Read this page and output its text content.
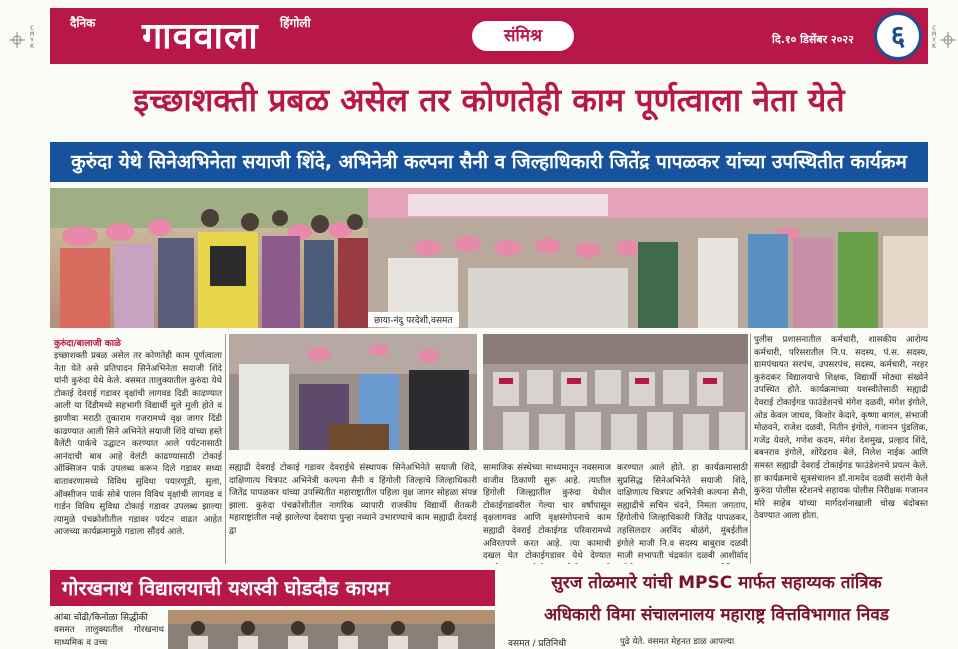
C M Y K
C M Y K
दैनिक गाववाला हिंगोली
संमिश्र	दि.१० डिसेंबर २०२२	६
इच्छाशक्ती प्रबळ असेल तर कोणतेही काम पूर्णत्वाला नेता येते
कुरुंदा येथे सिनेअभिनेता सयाजी शिंदे, अभिनेत्री कल्पना सैनी व जिल्हाधिकारी जितेंद्र पापळकर यांच्या उपस्थितीत कार्यक्रम
छाया-नंदु परदेशी,वसमत
कुरुंदा/बालाजी काळे
इच्छाशक्ती प्रबळ असेल तर कोणतेही काम पूर्णत्वाला नेता येते असे प्रतिपादन सिनेअभिनेता सयाजी शिंदे यांनी कुरुंदा येथे केले. वसमत तालुक्यातील कुरुंदा येथे टोकाई देवराई गडावर वृक्षांची लागवड दिडी काढण्यात आली या दिंडीमध्ये सहभागी विद्यार्थी मुले मुली होते व झाणीवा मराठी तुकाराम गजरामध्ये वृक्ष जागर दिंडी काढण्यात आली सिने अभिनेते सयाजी शिंदे यांच्या हस्ते वैलेंटी पार्कचे उद्घाटन करण्यात आले पर्यटनासाठी आनंदाची बाब आहे वेलंटी काढण्यासाठी टोकाई ऑक्सिजन पार्क उपलब्ध करून दिले गडावर सध्या वातावरणामध्ये विविध सुविधा पयारणूडी, सुला, ऑक्सीजन पार्क सोबे पालन विविध वृक्षांची लागवड व गार्डन विविध सुविधा टोकाई गडावर उपलब्ध झाल्या त्यामुळे पंचक्रोशीतील गडावर पर्यटन वाढत आहेत आजच्या कार्यक्रमामुळे गडाला सौंदर्य आले.
सह्याद्री देवराई टोकाई गडावर देवराईचे संस्थापक सिनेअभिनेते सयाजी शिंदे, दाक्षिणात्य चित्रपट अभिनेत्री कल्पना सैनी व हिंगोली जिल्हाचे जिल्हाधिकारी जितेंद्र पापळकर यांच्या उपस्थितीत महाराष्ट्रातील पहिला वृक्ष जागर सोहळा संपन्न झाला. कुरुंदा पंचक्रोशीतील नागरिक व्यापारी राजकीय विद्यार्थी शैतकरी महाराष्ट्रातील नव्हे झालेल्या देवराया पुन्हा नव्याने उभारण्याचे काम सह्याद्री देवराई द्वा
सामाजिक संस्थेच्या माध्यमातून नवसमाज वाजीव ठिकाणी सुरू आहे. त्यातील हिंगोली जिल्ह्यातील कुरुंदा येथील टोकाईगडावरील गेल्या चार वर्षांपासून वृक्षलागवड आणि वृक्षसंगोपनाचे काम सह्याद्री देवराई टोकाईगड परिवारामध्ये अविरतपणे करत आहे. त्या कामाची दखल घेत टोकाईगडावर येथे देण्यात
करण्यात आले होते. हा कार्यक्रमासाठी सुप्रसिद्ध सिनेअभिनेते सयाजी शिंदे, दाक्षिणात्य चित्रपट अभिनेत्री कल्पना सैनी, सह्याद्रीचे सचिन चंदने, निमता जगताप, हिंगोलीचे जिल्हाधिकारी जितेंद्र पापळकर, तहसिलदार अरविंद बोळंगे, मुंबईतील इंगोले माजी नि.व सदस्य बाबुराव दळवी माजी सभापती चंद्रकांत दळवी आशीर्वाद
पुलीस प्रशासनातील कर्मचारी, शासकीय आरोग्य कर्मचारी, परिसरातील नि.प. सदस्य, पं.स. सदस्य, ग्रामपंचायत सरपंच, उपसरपंच, सदस्य, कर्मचारी, नरहर कुरुंदकर विद्यालयाचे शिक्षक, विद्यार्थी मोठ्या संख्येने उपस्थित होते. कार्यक्रमाच्या यशस्वीतेसाठी सह्याद्री देवराई टोकाईगड फाउंडेशनचे मंगेश दळवी, मंगेश इंगोले, ओड केवल जाधव, किशोर केदारे, कृष्णा बागल, संभाजी मोळवने, राजेश दळवी, नितीन इंगोले, गजानन पुंडलिक, गजेंद्र येवले, गणेश कदम, मंगेश देशमुख, प्रल्हाद शिंदे, बबनराव इंगोले, शोरेंद्रराव बेले, निलेश नाईक आणि समस्त सह्याद्री देवराई टोकाईगड फाउंडेशनचे प्रयत्न केले. हा कार्यक्रमाचे सूत्रसंचालन डॉ.नामदेव दळवी सरांनी केले कुरुंदा पोलीस स्टेशनचे सहायक पोलीस निरीक्षक गजानन मोरे साहेब यांच्या मार्गदर्शनाखाली चोख बंदोबस्त ठेवण्यात आला होता.
गोरखनाथ विद्यालयाची यशस्वी घोडदौड कायम
आंबा चोंढी/किनोळा सिद्धीकी
वसमत तालुक्यातील गोरखनाथ माध्यमिक व उच्च
सुरज तोळमारे यांची MPSC मार्फत सहाय्यक तांत्रिक
अधिकारी विमा संचालनालय महाराष्ट्र वित्तविभागात निवड
वसमत / प्रतिनिधी	पुढे येते. वसमत मेहनत डाळ आपल्या
